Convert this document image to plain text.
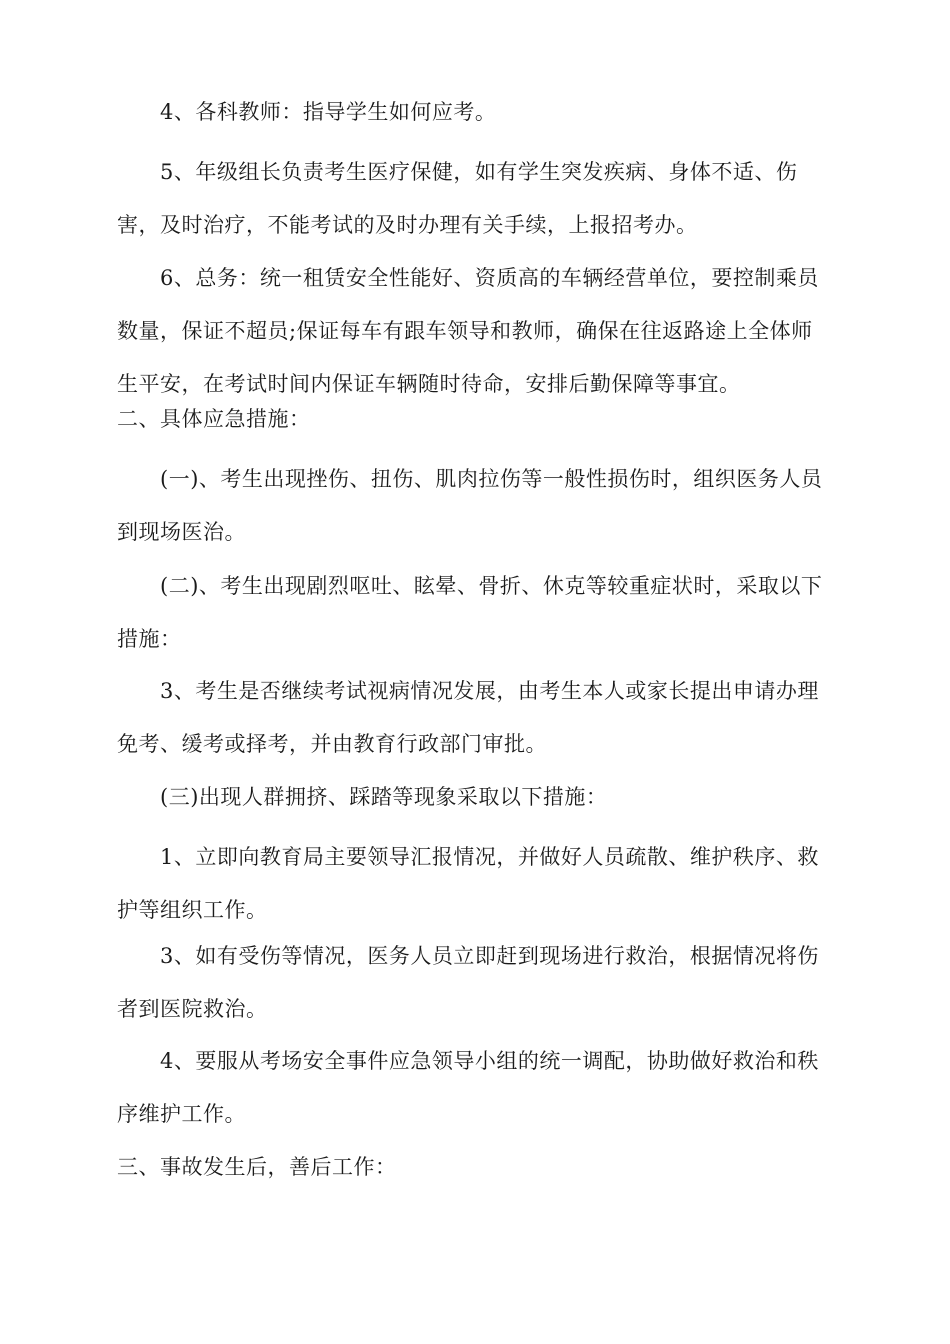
4、各科教师：指导学生如何应考。

5、年级组长负责考生医疗保健，如有学生突发疾病、身体不适、伤害，及时治疗，不能考试的及时办理有关手续，上报招考办。

6、总务：统一租赁安全性能好、资质高的车辆经营单位，要控制乘员数量，保证不超员;保证每车有跟车领导和教师，确保在往返路途上全体师生平安，在考试时间内保证车辆随时待命，安排后勤保障等事宜。

二、具体应急措施：

(一)、考生出现挫伤、扭伤、肌肉拉伤等一般性损伤时，组织医务人员到现场医治。

(二)、考生出现剧烈呕吐、眩晕、骨折、休克等较重症状时，采取以下措施：

3、考生是否继续考试视病情况发展，由考生本人或家长提出申请办理免考、缓考或择考，并由教育行政部门审批。

(三)出现人群拥挤、踩踏等现象采取以下措施：

1、立即向教育局主要领导汇报情况，并做好人员疏散、维护秩序、救护等组织工作。

3、如有受伤等情况，医务人员立即赶到现场进行救治，根据情况将伤者到医院救治。

4、要服从考场安全事件应急领导小组的统一调配，协助做好救治和秩序维护工作。

三、事故发生后，善后工作：
